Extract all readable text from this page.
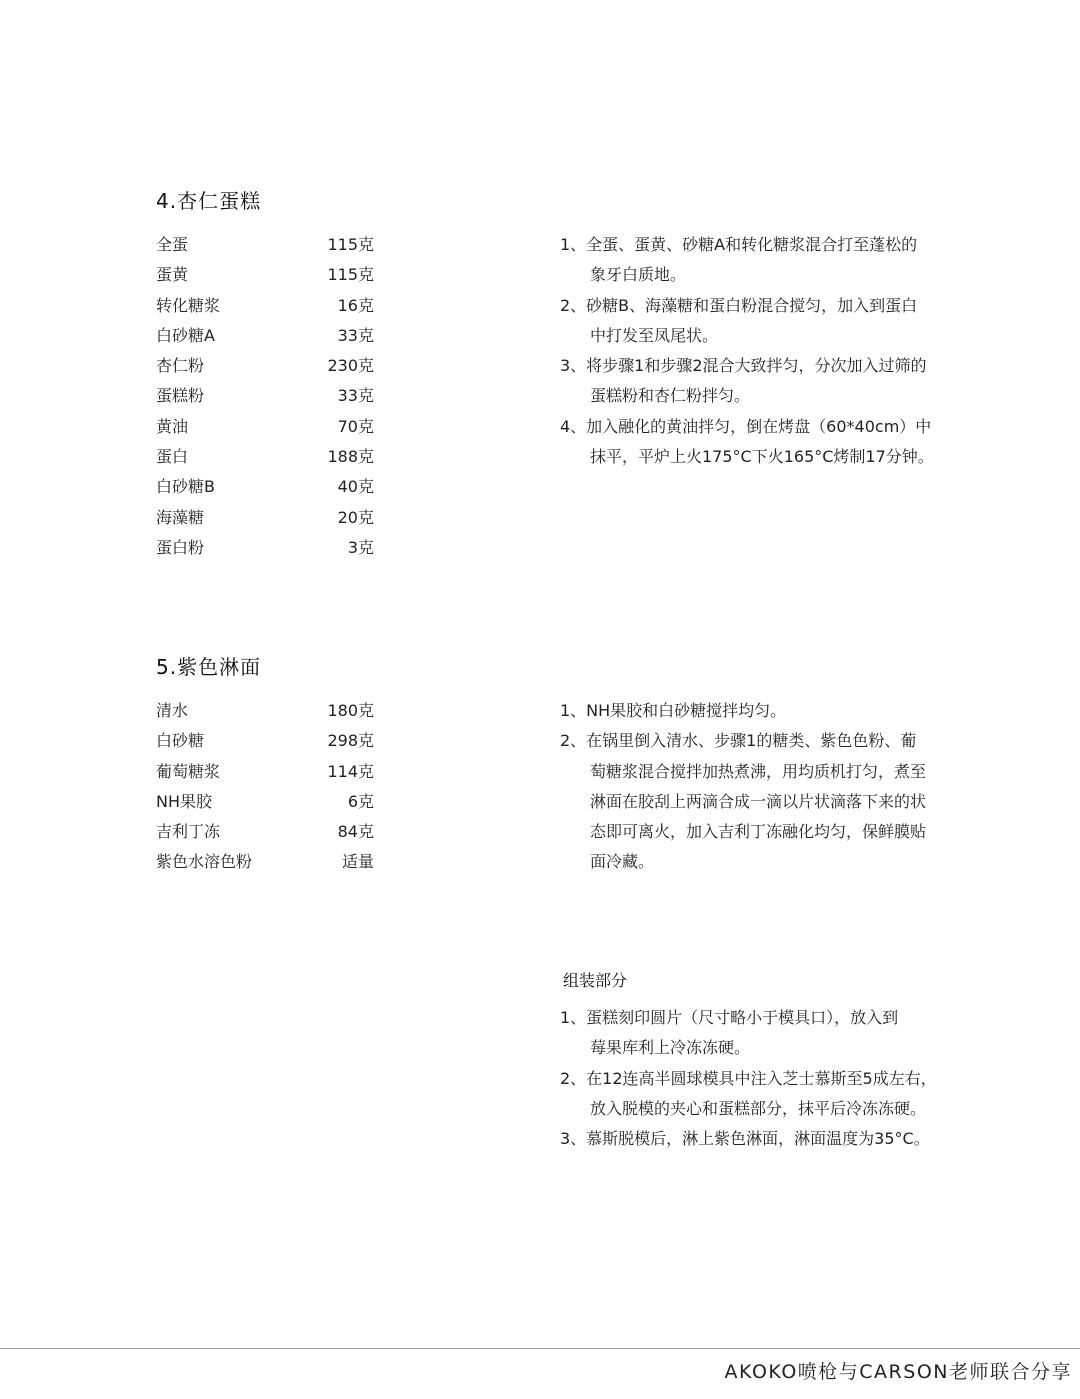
4.杏仁蛋糕
全蛋	115克
蛋黄	115克
转化糖浆	16克
白砂糖A	33克
杏仁粉	230克
蛋糕粉	33克
黄油	70克
蛋白	188克
白砂糖B	40克
海藻糖	20克
蛋白粉	3克
1、全蛋、蛋黄、砂糖A和转化糖浆混合打至蓬松的
象牙白质地。
2、砂糖B、海藻糖和蛋白粉混合搅匀，加入到蛋白
中打发至凤尾状。
3、将步骤1和步骤2混合大致拌匀，分次加入过筛的
蛋糕粉和杏仁粉拌匀。
4、加入融化的黄油拌匀，倒在烤盘（60*40cm）中
抹平，平炉上火175°C下火165°C烤制17分钟。
5.紫色淋面
清水	180克
白砂糖	298克
葡萄糖浆	114克
NH果胶	6克
吉利丁冻	84克
紫色水溶色粉	适量
1、NH果胶和白砂糖搅拌均匀。
2、在锅里倒入清水、步骤1的糖类、紫色色粉、葡
萄糖浆混合搅拌加热煮沸，用均质机打匀，煮至
淋面在胶刮上两滴合成一滴以片状滴落下来的状
态即可离火，加入吉利丁冻融化均匀，保鲜膜贴
面冷藏。
组装部分
1、蛋糕刻印圆片（尺寸略小于模具口），放入到
莓果库利上冷冻冻硬。
2、在12连高半圆球模具中注入芝士慕斯至5成左右，
放入脱模的夹心和蛋糕部分，抹平后冷冻冻硬。
3、慕斯脱模后，淋上紫色淋面，淋面温度为35°C。
AKOKO喷枪与CARSON老师联合分享
